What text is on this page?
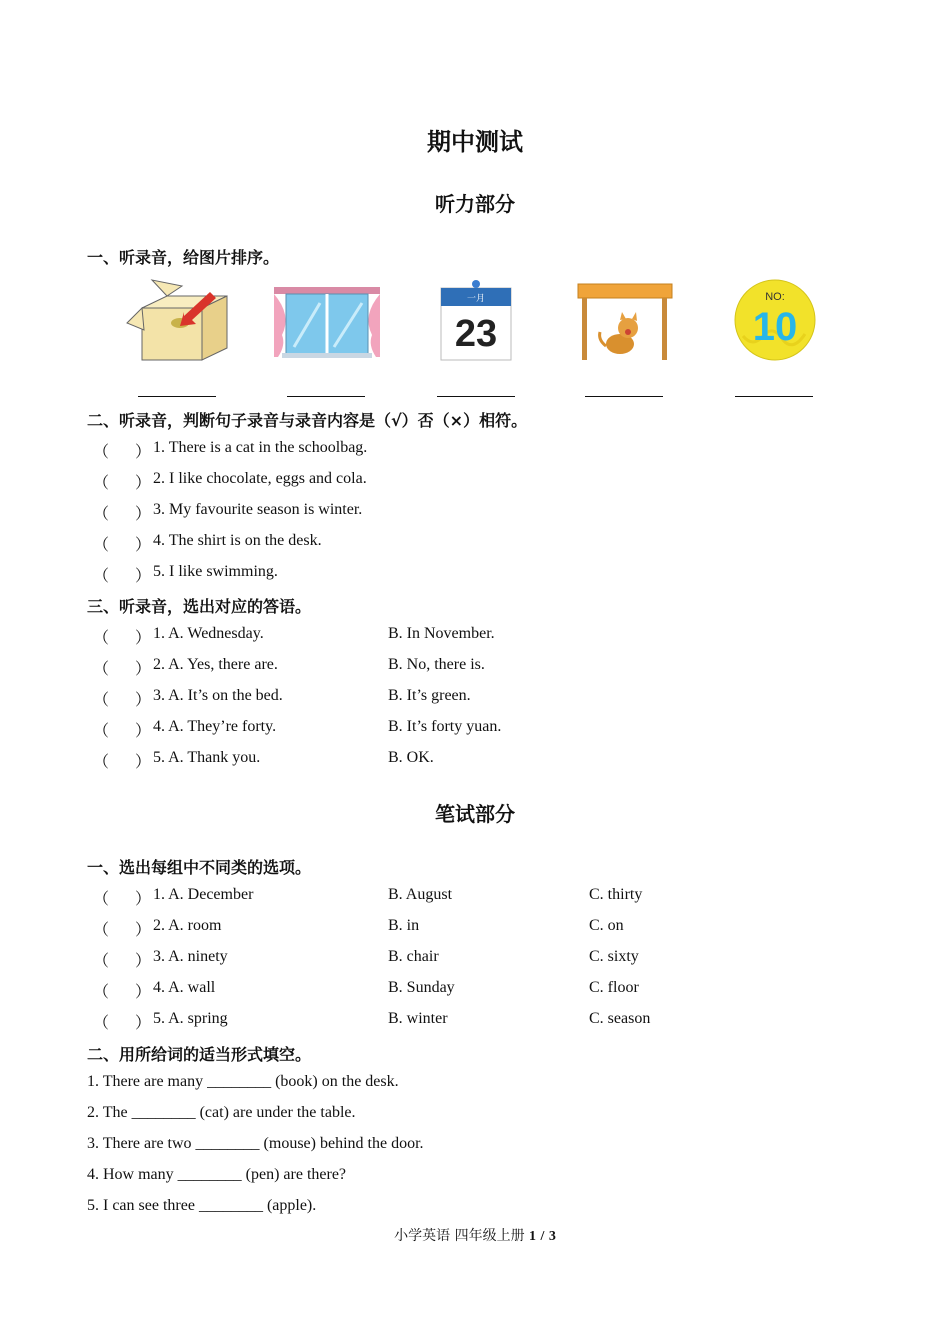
期中测试
听力部分
一、听录音，给图片排序。
一月
23
NO:
10
二、听录音，判断句子录音与录音内容是（√）否（×）相符。
（ ） 1. There is a cat in the schoolbag.
（ ） 2. I like chocolate, eggs and cola.
（ ） 3. My favourite season is winter.
（ ） 4. The shirt is on the desk.
（ ） 5. I like swimming.
三、听录音，选出对应的答语。
（ ） 1. A. Wednesday.	B. In November.
（ ） 2. A. Yes, there are.	B. No, there is.
（ ） 3. A. It’s on the bed.	B. It’s green.
（ ） 4. A. They’re forty.	B. It’s forty yuan.
（ ） 5. A. Thank you.	B. OK.
笔试部分
一、选出每组中不同类的选项。
（ ） 1. A. December	B. August	C. thirty
（ ） 2. A. room	B. in	C. on
（ ） 3. A. ninety	B. chair	C. sixty
（ ） 4. A. wall	B. Sunday	C. floor
（ ） 5. A. spring	B. winter	C. season
二、用所给词的适当形式填空。
1. There are many ________ (book) on the desk.
2. The ________ (cat) are under the table.
3. There are two ________ (mouse) behind the door.
4. How many ________ (pen) are there?
5. I can see three ________ (apple).
小学英语 四年级上册 1 / 3
